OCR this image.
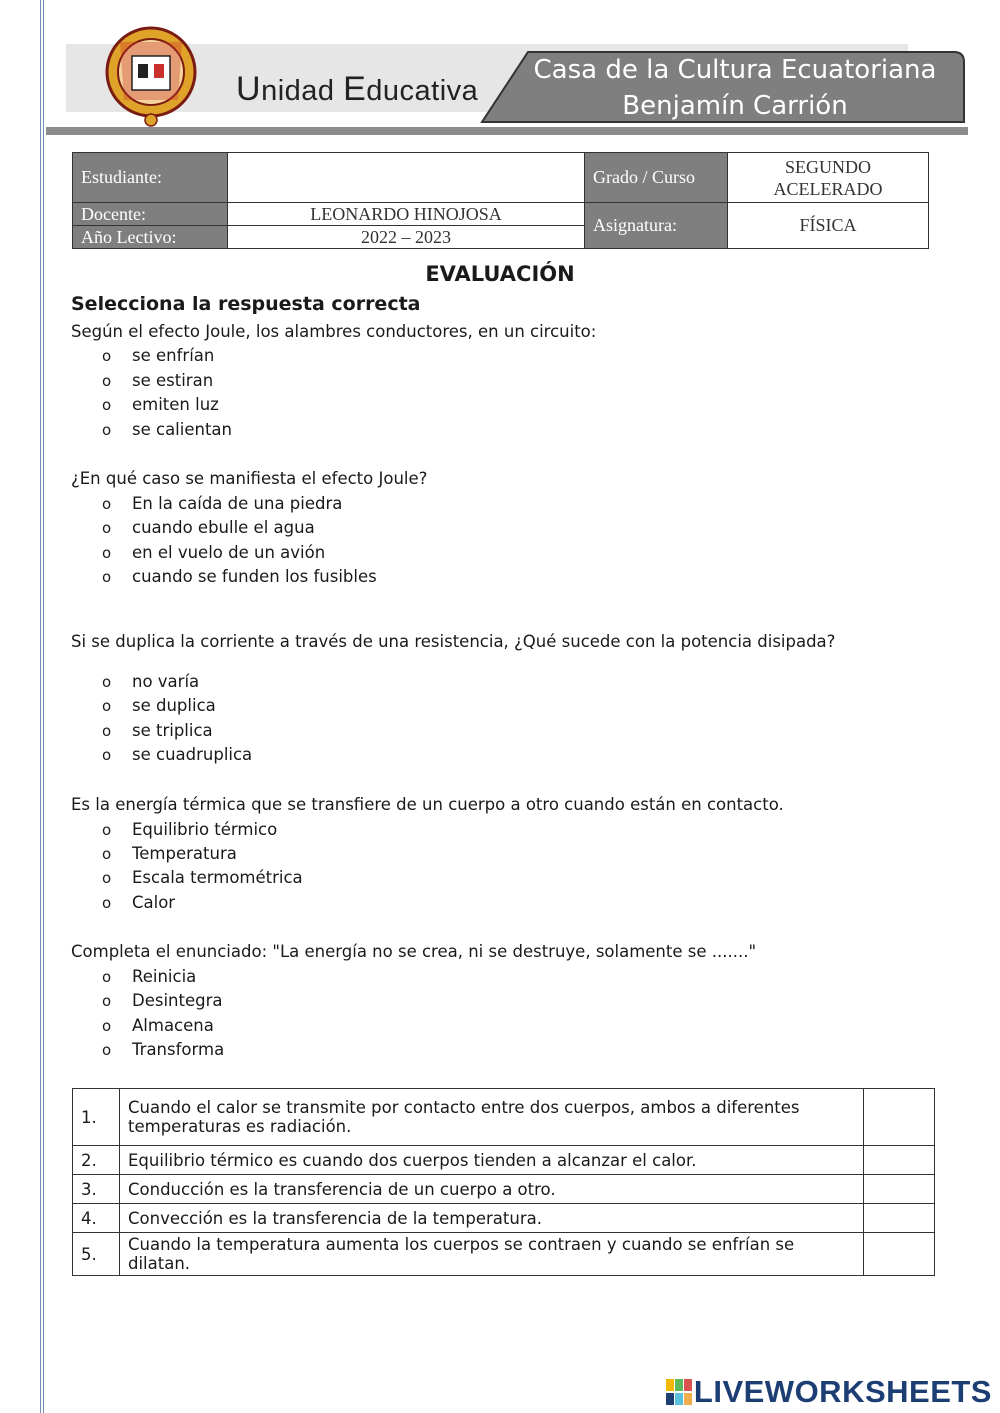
Unidad Educativa
Casa de la Cultura Ecuatoriana
Benjamín Carrión
Estudiante:		Grado / Curso	SEGUNDO
ACELERADO

Docente:	LEONARDO HINOJOSA	Asignatura:	FÍSICA
Año Lectivo:	2022 – 2023		
EVALUACIÓN
Selecciona la respuesta correcta
Según el efecto Joule, los alambres conductores, en un circuito:
o se enfrían
o se estiran
o emiten luz
o se calientan
¿En qué caso se manifiesta el efecto Joule?
o En la caída de una piedra
o cuando ebulle el agua
o en el vuelo de un avión
o cuando se funden los fusibles
Si se duplica la corriente a través de una resistencia, ¿Qué sucede con la potencia disipada?
o no varía
o se duplica
o se triplica
o se cuadruplica
Es la energía térmica que se transfiere de un cuerpo a otro cuando están en contacto.
o Equilibrio térmico
o Temperatura
o Escala termométrica
o Calor
Completa el enunciado: "La energía no se crea, ni se destruye, solamente se ......."
o Reinicia
o Desintegra
o Almacena
o Transforma
1.	Cuando el calor se transmite por contacto entre dos cuerpos, ambos a diferentes
temperaturas es radiación.	

2.	Equilibrio térmico es cuando dos cuerpos tienden a alcanzar el calor.	
3.	Conducción es la transferencia de un cuerpo a otro.	
4.	Convección es la transferencia de la temperatura.	
5.	Cuando la temperatura aumenta los cuerpos se contraen y cuando se enfrían se dilatan.	
LIVEWORKSHEETS
